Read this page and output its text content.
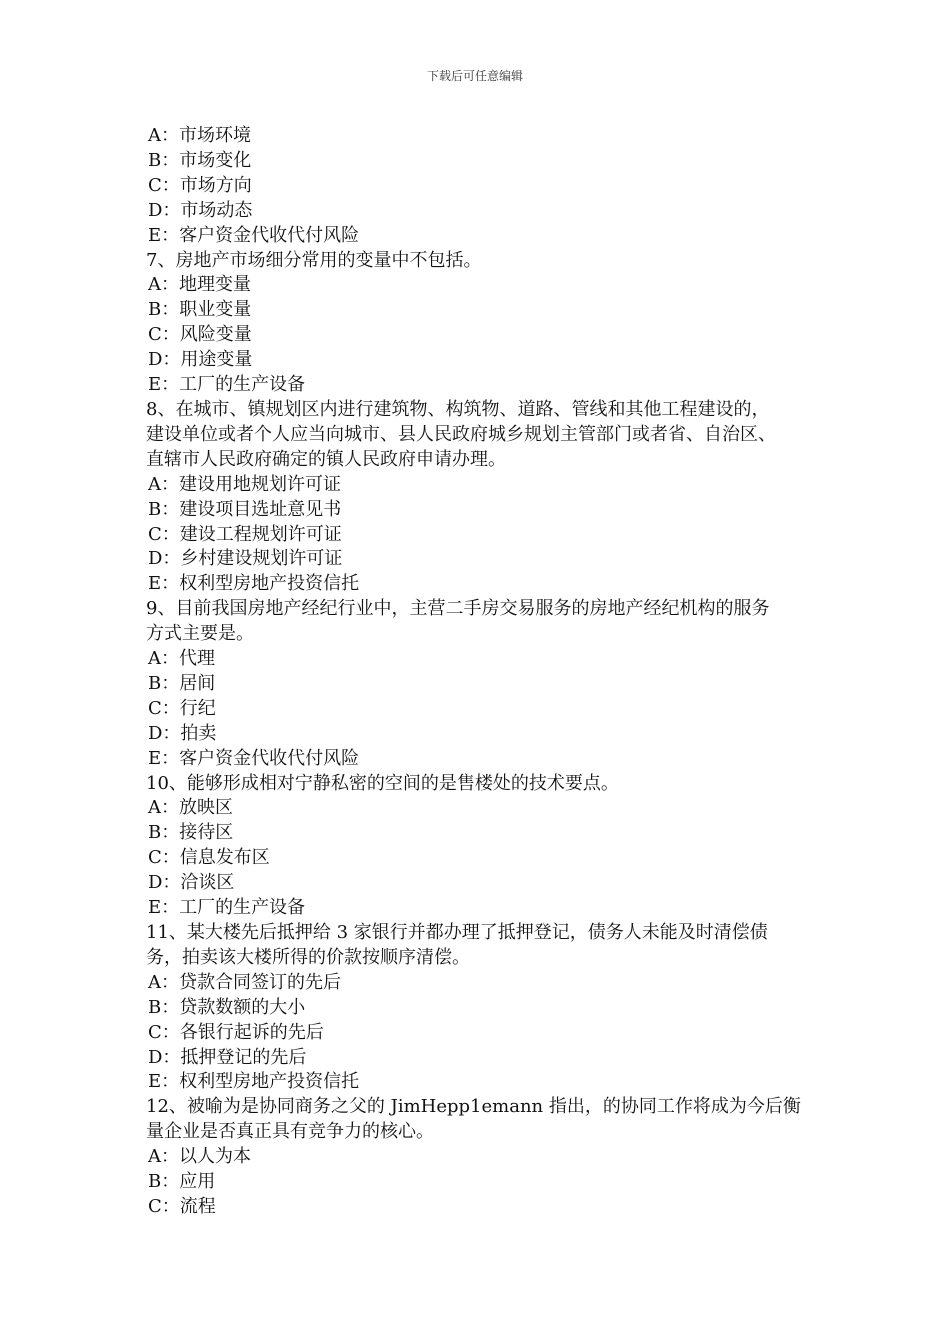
下载后可任意编辑
A：市场环境
B：市场变化
C：市场方向
D：市场动态
E：客户资金代收代付风险
7、房地产市场细分常用的变量中不包括。
A：地理变量
B：职业变量
C：风险变量
D：用途变量
E：工厂的生产设备
8、在城市、镇规划区内进行建筑物、构筑物、道路、管线和其他工程建设的，
建设单位或者个人应当向城市、县人民政府城乡规划主管部门或者省、自治区、
直辖市人民政府确定的镇人民政府申请办理。
A：建设用地规划许可证
B：建设项目选址意见书
C：建设工程规划许可证
D：乡村建设规划许可证
E：权利型房地产投资信托
9、目前我国房地产经纪行业中，主营二手房交易服务的房地产经纪机构的服务
方式主要是。
A：代理
B：居间
C：行纪
D：拍卖
E：客户资金代收代付风险
10、能够形成相对宁静私密的空间的是售楼处的技术要点。
A：放映区
B：接待区
C：信息发布区
D：洽谈区
E：工厂的生产设备
11、某大楼先后抵押给 3 家银行并都办理了抵押登记，债务人未能及时清偿债
务，拍卖该大楼所得的价款按顺序清偿。
A：贷款合同签订的先后
B：贷款数额的大小
C：各银行起诉的先后
D：抵押登记的先后
E：权利型房地产投资信托
12、被喻为是协同商务之父的 JimHepp1emann 指出，的协同工作将成为今后衡
量企业是否真正具有竞争力的核心。
A：以人为本
B：应用
C：流程
